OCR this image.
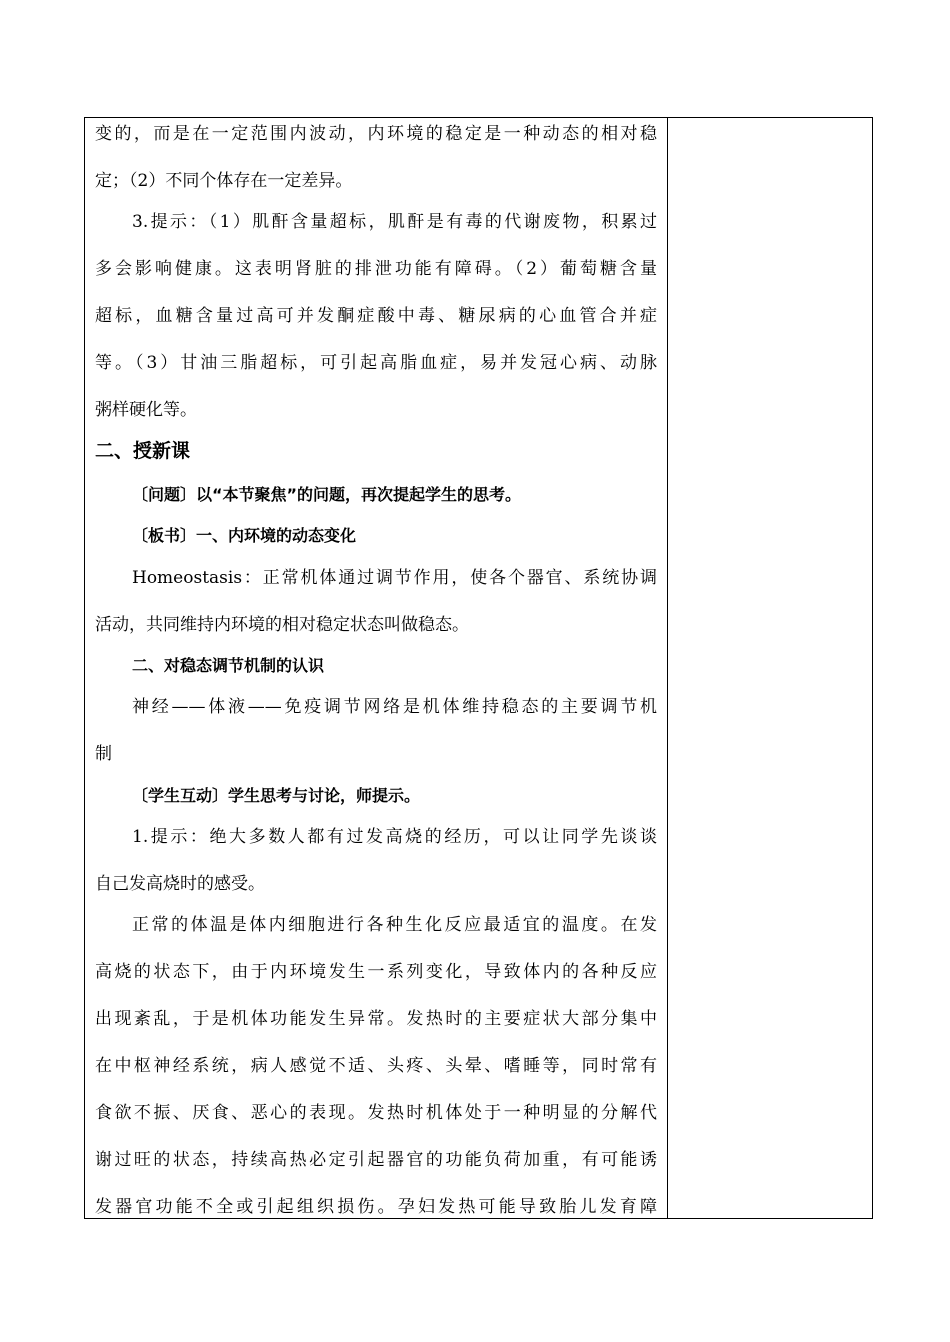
变的，而是在一定范围内波动，内环境的稳定是一种动态的相对稳
定；（2）不同个体存在一定差异。
3.提示：（1）肌酐含量超标，肌酐是有毒的代谢废物，积累过
多会影响健康。这表明肾脏的排泄功能有障碍。（2）葡萄糖含量
超标，血糖含量过高可并发酮症酸中毒、糖尿病的心血管合并症
等。（3）甘油三脂超标，可引起高脂血症，易并发冠心病、动脉
粥样硬化等。
二、授新课
〔问题〕以“本节聚焦”的问题，再次提起学生的思考。
〔板书〕一、内环境的动态变化
Homeostasis：正常机体通过调节作用，使各个器官、系统协调
活动，共同维持内环境的相对稳定状态叫做稳态。
二、对稳态调节机制的认识
神经——体液——免疫调节网络是机体维持稳态的主要调节机
制
〔学生互动〕学生思考与讨论，师提示。
1.提示：绝大多数人都有过发高烧的经历，可以让同学先谈谈
自己发高烧时的感受。
正常的体温是体内细胞进行各种生化反应最适宜的温度。在发
高烧的状态下，由于内环境发生一系列变化，导致体内的各种反应
出现紊乱，于是机体功能发生异常。发热时的主要症状大部分集中
在中枢神经系统，病人感觉不适、头疼、头晕、嗜睡等，同时常有
食欲不振、厌食、恶心的表现。发热时机体处于一种明显的分解代
谢过旺的状态，持续高热必定引起器官的功能负荷加重，有可能诱
发器官功能不全或引起组织损伤。孕妇发热可能导致胎儿发育障
